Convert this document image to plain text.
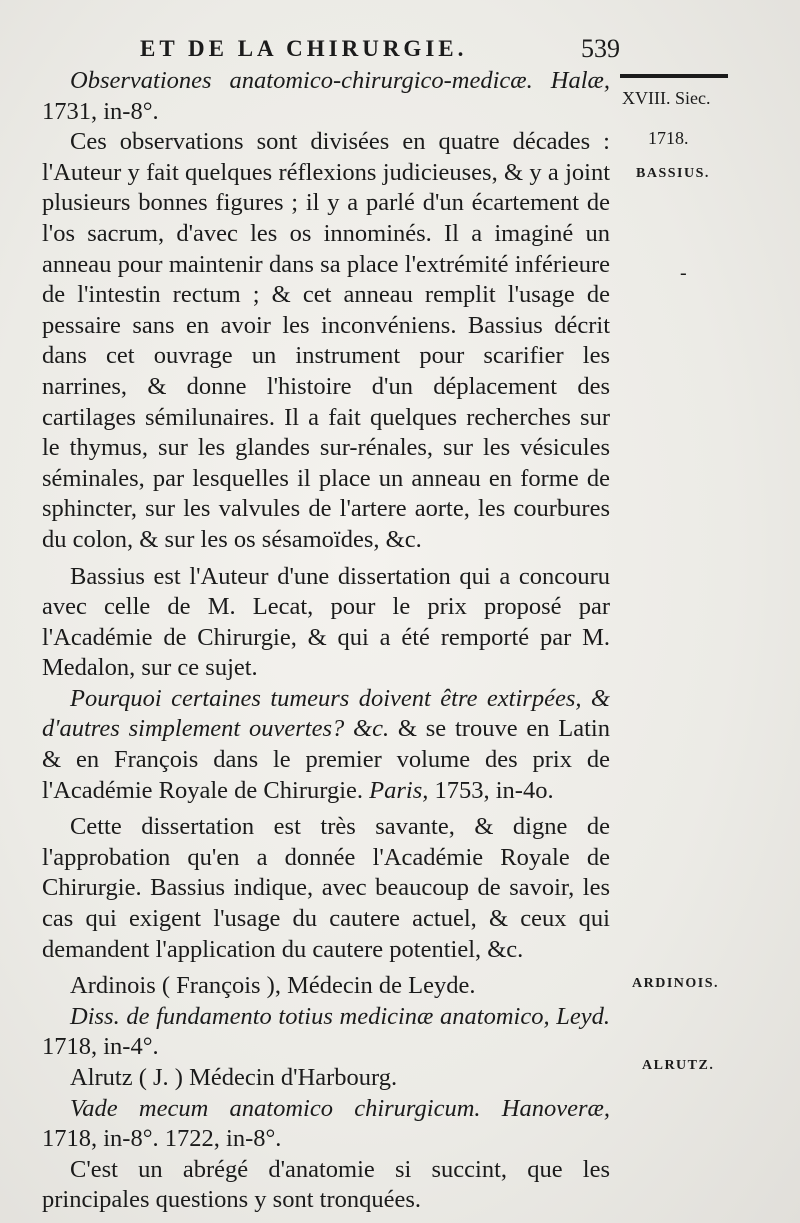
ET DE LA CHIRURGIE.	539
XVIII. Siec.
1718.
BASSIUS.
-
ARDINOIS.
ALRUTZ.

Observationes anatomico-chirurgico-medicæ. Halæ, 1731, in-8°.

Ces observations sont divisées en quatre décades : l'Auteur y fait quelques réflexions judicieuses, & y a joint plusieurs bonnes figures ; il y a parlé d'un écartement de l'os sacrum, d'avec les os innominés. Il a imaginé un anneau pour maintenir dans sa place l'extrémité inférieure de l'intestin rectum ; & cet anneau remplit l'usage de pessaire sans en avoir les inconvéniens. Bassius décrit dans cet ouvrage un instrument pour scarifier les narrines, & donne l'histoire d'un déplacement des cartilages sémilunaires. Il a fait quelques recherches sur le thymus, sur les glandes sur-rénales, sur les vésicules séminales, par lesquelles il place un anneau en forme de sphincter, sur les valvules de l'artere aorte, les courbures du colon, & sur les os sésamoïdes, &c.

Bassius est l'Auteur d'une dissertation qui a concouru avec celle de M. Lecat, pour le prix proposé par l'Académie de Chirurgie, & qui a été remporté par M. Medalon, sur ce sujet.

Pourquoi certaines tumeurs doivent être extirpées, & d'autres simplement ouvertes? &c. & se trouve en Latin & en François dans le premier volume des prix de l'Académie Royale de Chirurgie. Paris, 1753, in-4o.

Cette dissertation est très savante, & digne de l'approbation qu'en a donnée l'Académie Royale de Chirurgie. Bassius indique, avec beaucoup de savoir, les cas qui exigent l'usage du cautere actuel, & ceux qui demandent l'application du cautere potentiel, &c.

Ardinois ( François ), Médecin de Leyde.

Diss. de fundamento totius medicinæ anatomico, Leyd. 1718, in-4°.

Alrutz ( J. ) Médecin d'Harbourg.

Vade mecum anatomico chirurgicum. Hanoveræ, 1718, in-8°. 1722, in-8°.

C'est un abrégé d'anatomie si succint, que les principales questions y sont tronquées.
